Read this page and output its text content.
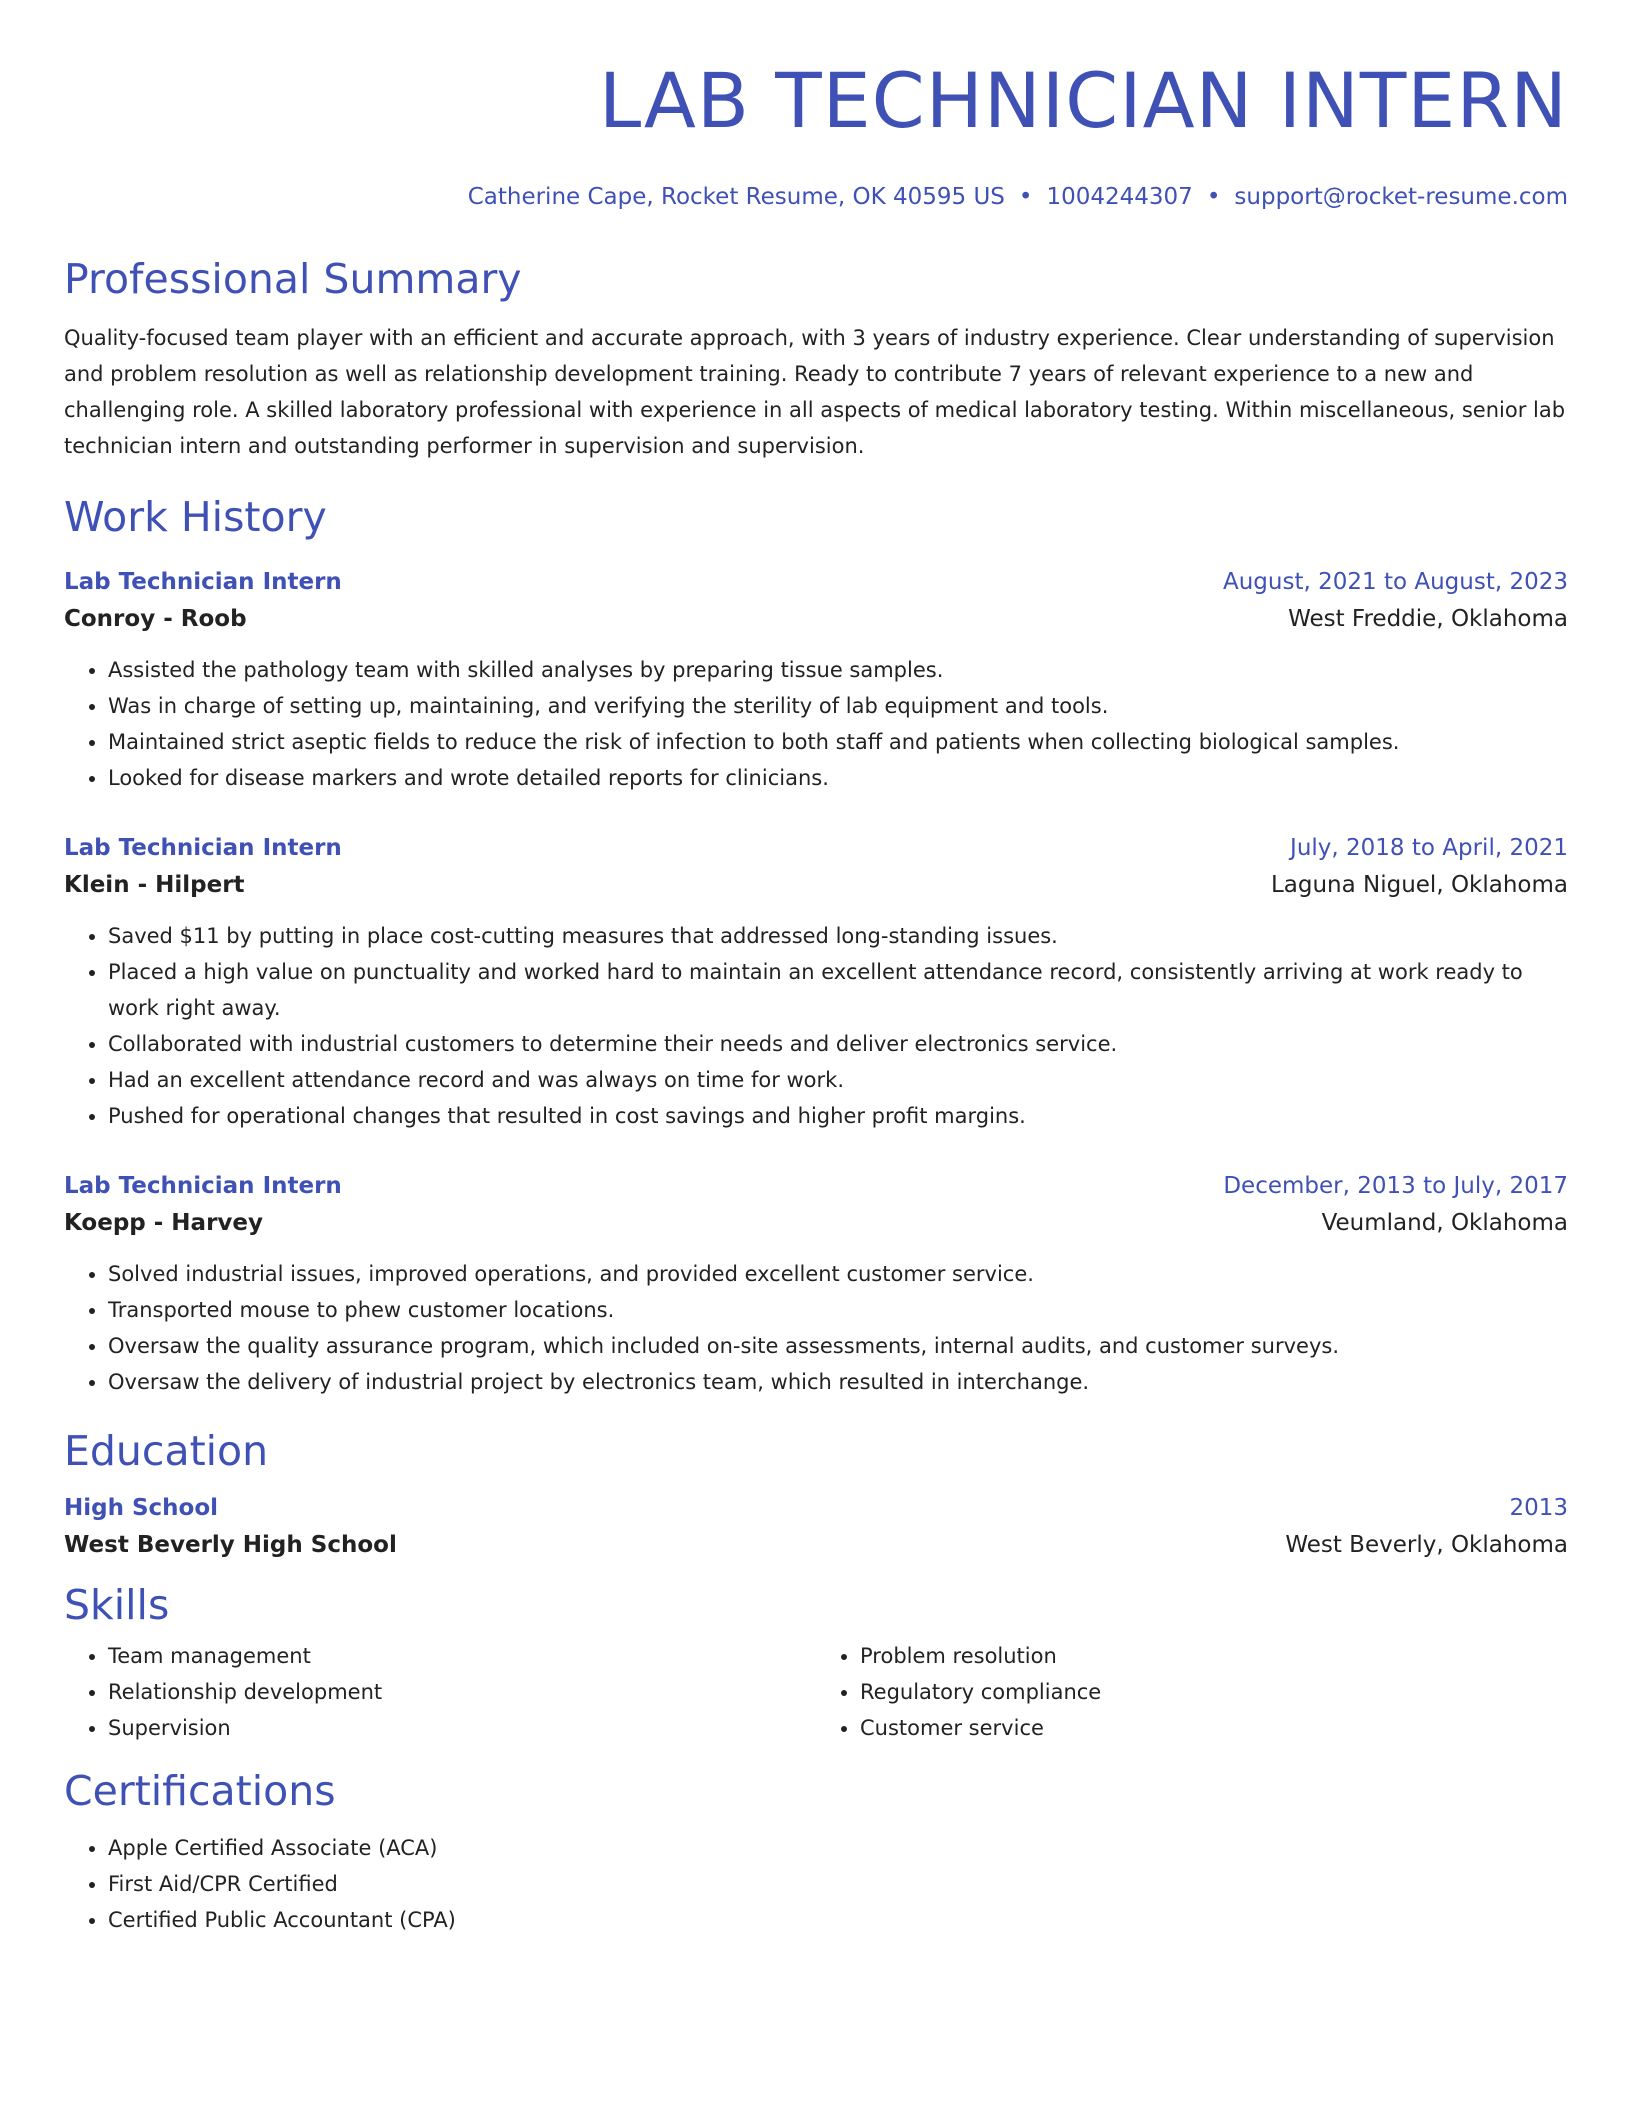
LAB TECHNICIAN INTERN
Catherine Cape, Rocket Resume, OK 40595 US • 1004244307 • support@rocket-resume.com
Professional Summary
Quality-focused team player with an efficient and accurate approach, with 3 years of industry experience. Clear understanding of supervision and problem resolution as well as relationship development training. Ready to contribute 7 years of relevant experience to a new and challenging role. A skilled laboratory professional with experience in all aspects of medical laboratory testing. Within miscellaneous, senior lab technician intern and outstanding performer in supervision and supervision.
Work History
Lab Technician Intern	August, 2021 to August, 2023
Conroy - Roob	West Freddie, Oklahoma
• Assisted the pathology team with skilled analyses by preparing tissue samples.
• Was in charge of setting up, maintaining, and verifying the sterility of lab equipment and tools.
• Maintained strict aseptic fields to reduce the risk of infection to both staff and patients when collecting biological samples.
• Looked for disease markers and wrote detailed reports for clinicians.
Lab Technician Intern	July, 2018 to April, 2021
Klein - Hilpert	Laguna Niguel, Oklahoma
• Saved $11 by putting in place cost-cutting measures that addressed long-standing issues.
• Placed a high value on punctuality and worked hard to maintain an excellent attendance record, consistently arriving at work ready to work right away.
• Collaborated with industrial customers to determine their needs and deliver electronics service.
• Had an excellent attendance record and was always on time for work.
• Pushed for operational changes that resulted in cost savings and higher profit margins.
Lab Technician Intern	December, 2013 to July, 2017
Koepp - Harvey	Veumland, Oklahoma
• Solved industrial issues, improved operations, and provided excellent customer service.
• Transported mouse to phew customer locations.
• Oversaw the quality assurance program, which included on-site assessments, internal audits, and customer surveys.
• Oversaw the delivery of industrial project by electronics team, which resulted in interchange.
Education
High School	2013
West Beverly High School	West Beverly, Oklahoma
Skills
• Team management
• Relationship development
• Supervision
• Problem resolution
• Regulatory compliance
• Customer service
Certifications
• Apple Certified Associate (ACA)
• First Aid/CPR Certified
• Certified Public Accountant (CPA)
